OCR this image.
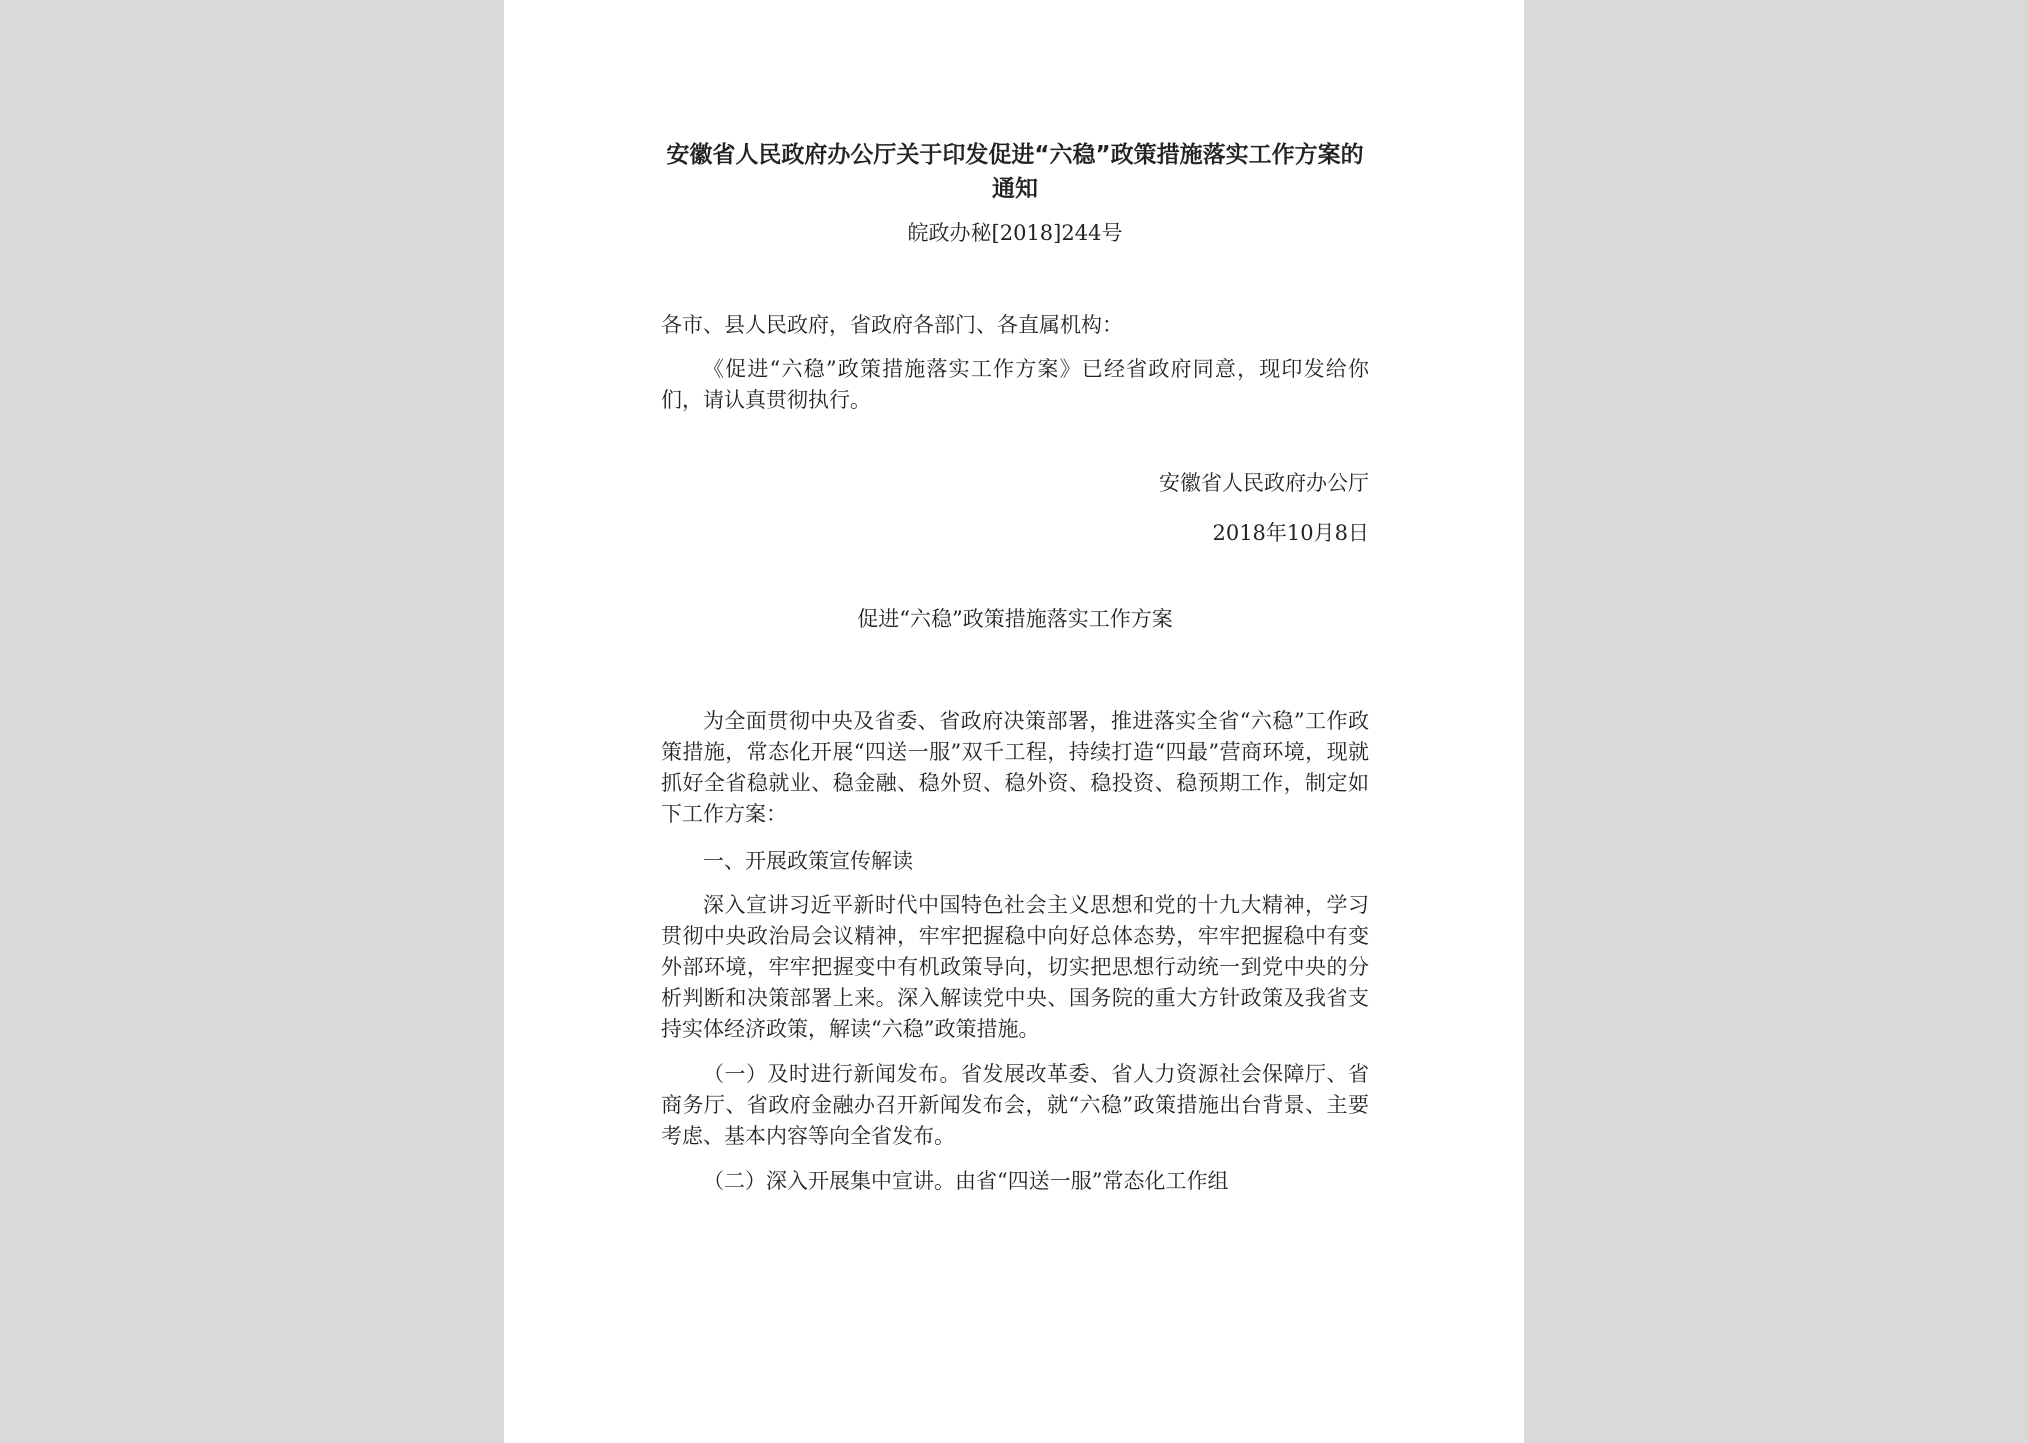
安徽省人民政府办公厅关于印发促进“六稳”政策措施落实工作方案的通知

皖政办秘[2018]244号

各市、县人民政府，省政府各部门、各直属机构：

《促进“六稳”政策措施落实工作方案》已经省政府同意，现印发给你们，请认真贯彻执行。

安徽省人民政府办公厅

2018年10月8日

促进“六稳”政策措施落实工作方案

为全面贯彻中央及省委、省政府决策部署，推进落实全省“六稳”工作政策措施，常态化开展“四送一服”双千工程，持续打造“四最”营商环境，现就抓好全省稳就业、稳金融、稳外贸、稳外资、稳投资、稳预期工作，制定如下工作方案：

一、开展政策宣传解读

深入宣讲习近平新时代中国特色社会主义思想和党的十九大精神，学习贯彻中央政治局会议精神，牢牢把握稳中向好总体态势，牢牢把握稳中有变外部环境，牢牢把握变中有机政策导向，切实把思想行动统一到党中央的分析判断和决策部署上来。深入解读党中央、国务院的重大方针政策及我省支持实体经济政策，解读“六稳”政策措施。

（一）及时进行新闻发布。省发展改革委、省人力资源社会保障厅、省商务厅、省政府金融办召开新闻发布会，就“六稳”政策措施出台背景、主要考虑、基本内容等向全省发布。

（二）深入开展集中宣讲。由省“四送一服”常态化工作组
